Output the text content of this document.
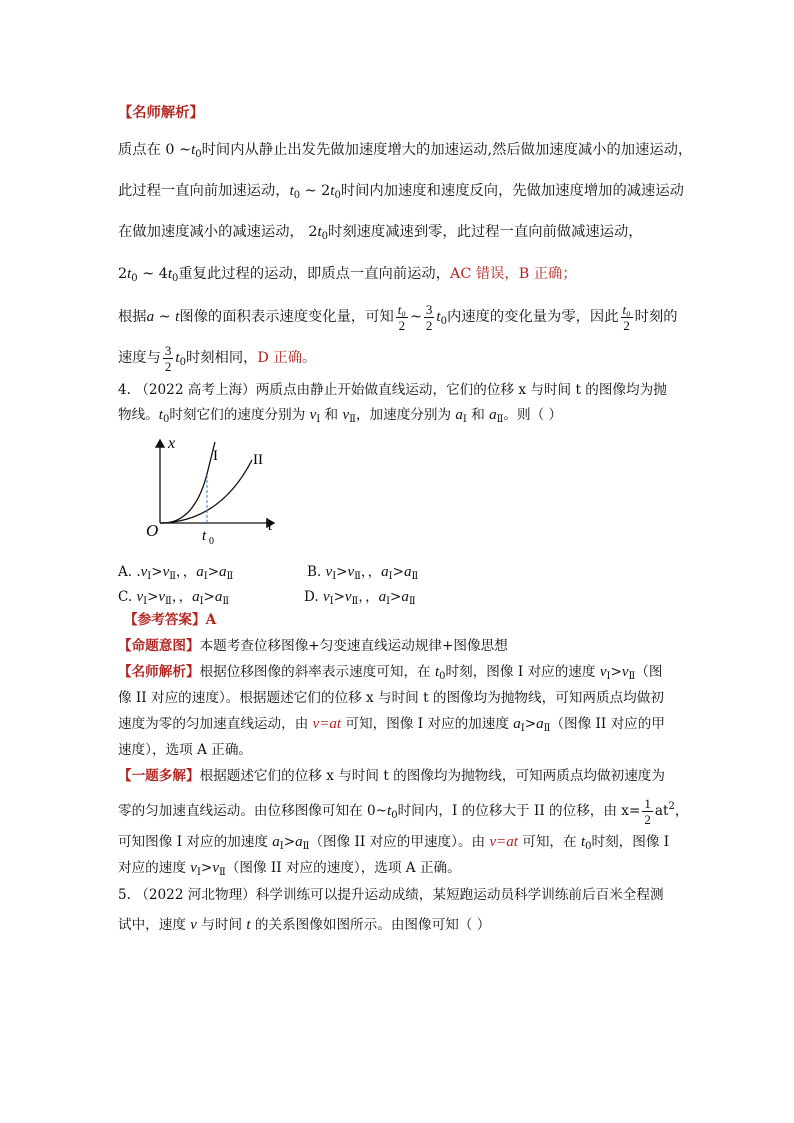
【名师解析】
质点在 0 $\sim t_0$时间内从静止出发先做加速度增大的加速运动,然后做加速度减小的加速运动，
此过程一直向前加速运动，$t_0$ ~ $2t_0$时间内加速度和速度反向，先做加速度增加的减速运动
在做加速度减小的减速运动， $2t_0$时刻速度减速到零，此过程一直向前做减速运动，
$2t_0$ ~ $4t_0$重复此过程的运动，即质点一直向前运动，AC 错误，B 正确；
根据a ~ t图像的面积表示速度变化量，可知 $\frac{\text{t₀}}{2}$ ~ $\frac{3}{2} t_0$内速度的变化量为零，因此 $\frac{\text{t₀}}{2}$ 时刻的
速度与 $\frac{3}{2} t_0$时刻相同，D 正确。
4. （2022 高考上海）两质点由静止开始做直线运动，它们的位移 x 与时间 t 的图像均为抛
物线。$t_0$时刻它们的速度分别为 $v_Ⅰ$ 和 $v_Ⅱ$，加速度分别为 $a_Ⅰ$ 和 $a_Ⅱ$。则（ ）
x
t
O
I II
t 0
A. $.v_Ⅰ>v_Ⅱ$，，$a_Ⅰ>a_Ⅱ$	B. $v_Ⅰ>v_Ⅱ$，，$a_Ⅰ>a_Ⅱ$
C. $v_Ⅰ>v_Ⅱ$，，$a_Ⅰ>a_Ⅱ$	D. $v_Ⅰ>v_Ⅱ$，，$a_Ⅰ>a_Ⅱ$
【参考答案】A
【命题意图】本题考查位移图像+匀变速直线运动规律+图像思想
【名师解析】根据位移图像的斜率表示速度可知，在 $t_0$时刻，图像 I 对应的速度 $v_Ⅰ>v_Ⅱ$（图
像 II 对应的速度）。根据题述它们的位移 x 与时间 t 的图像均为抛物线，可知两质点均做初
速度为零的匀加速直线运动，由 v=at 可知，图像 I 对应的加速度 $a_Ⅰ>a_Ⅱ$（图像 II 对应的甲
速度），选项 A 正确。
【一题多解】根据题述它们的位移 x 与时间 t 的图像均为抛物线，可知两质点均做初速度为
零的匀加速直线运动。由位移图像可知在 $0\sim t_0$时间内，I 的位移大于 II 的位移，由 $x= \frac{1}{2} at^2$，
可知图像 I 对应的加速度 $a_Ⅰ>a_Ⅱ$（图像 II 对应的甲速度）。由 v=at 可知，在 $t_0$时刻，图像 I
对应的速度 $v_Ⅰ>v_Ⅱ$（图像 II 对应的速度），选项 A 正确。
5. （2022 河北物理）科学训练可以提升运动成绩，某短跑运动员科学训练前后百米全程测
试中，速度 v 与时间 t 的关系图像如图所示。由图像可知（ ）
